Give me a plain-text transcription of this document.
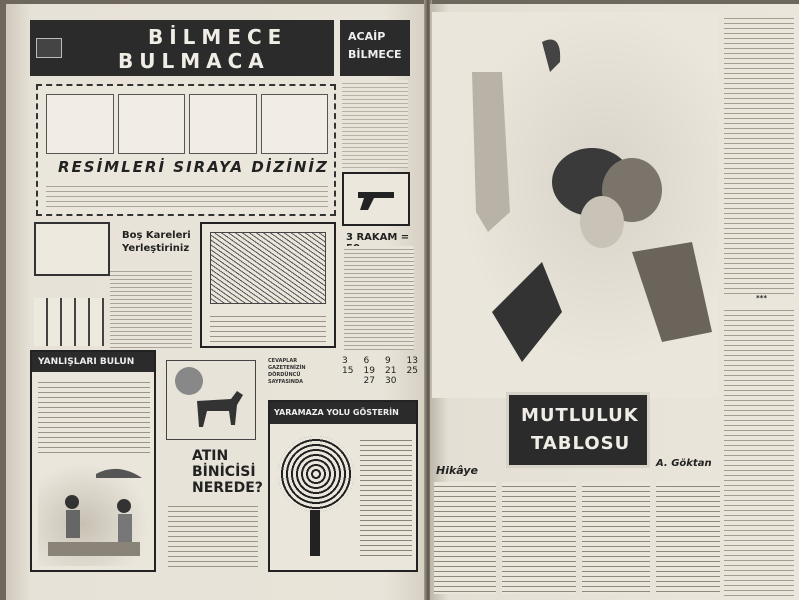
BİLMECE
BULMACA
ACAİP
BİLMECE
RESİMLERİ SIRAYA DİZİNİZ
Boş Kareleri
Yerleştiriniz
3 RAKAM =
3 6 9 13
15 19 21 25
27 30
CEVAPLAR
GAZETENİZİN
DÖRDÜNCÜ
SAYFASINDA
YANLIŞLARI BULUN
ATIN
BİNİCİSİ
NEREDE?
YARAMAZA YOLU GÖSTERİN	MUTLULUK
TABLOSU
Hikâye
A. Göktan
***
